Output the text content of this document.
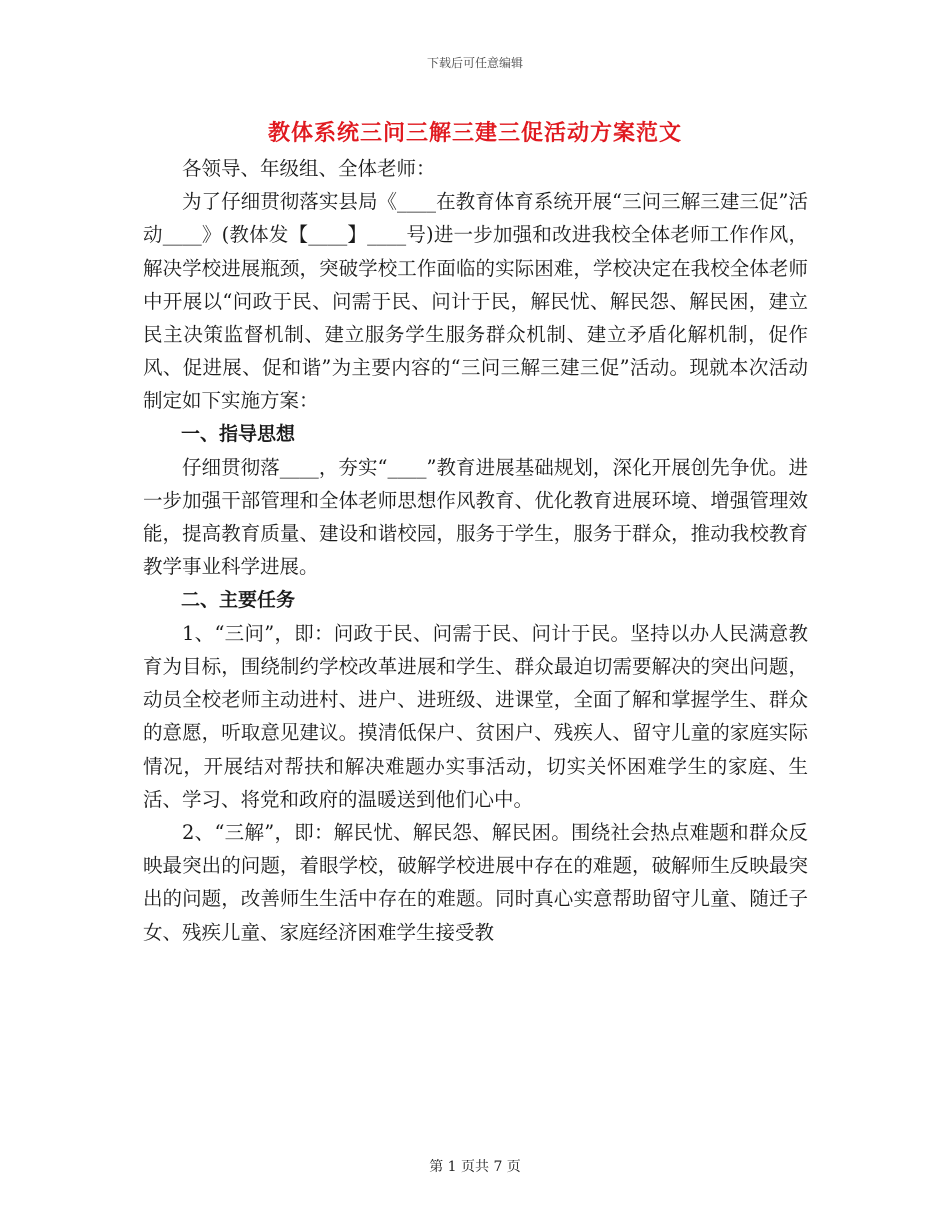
下载后可任意编辑
教体系统三问三解三建三促活动方案范文

各领导、年级组、全体老师：

为了仔细贯彻落实县局《____在教育体育系统开展“三问三解三建三促”活动____》(教体发【____】____号)进一步加强和改进我校全体老师工作作风，解决学校进展瓶颈，突破学校工作面临的实际困难，学校决定在我校全体老师中开展以“问政于民、问需于民、问计于民，解民忧、解民怨、解民困，建立民主决策监督机制、建立服务学生服务群众机制、建立矛盾化解机制，促作风、促进展、促和谐”为主要内容的“三问三解三建三促”活动。现就本次活动制定如下实施方案：

一、指导思想

仔细贯彻落____，夯实“____”教育进展基础规划，深化开展创先争优。进一步加强干部管理和全体老师思想作风教育、优化教育进展环境、增强管理效能，提高教育质量、建设和谐校园，服务于学生，服务于群众，推动我校教育教学事业科学进展。

二、主要任务

1、“三问”，即：问政于民、问需于民、问计于民。坚持以办人民满意教育为目标，围绕制约学校改革进展和学生、群众最迫切需要解决的突出问题，动员全校老师主动进村、进户、进班级、进课堂，全面了解和掌握学生、群众的意愿，听取意见建议。摸清低保户、贫困户、残疾人、留守儿童的家庭实际情况，开展结对帮扶和解决难题办实事活动，切实关怀困难学生的家庭、生活、学习、将党和政府的温暖送到他们心中。

2、“三解”，即：解民忧、解民怨、解民困。围绕社会热点难题和群众反映最突出的问题，着眼学校，破解学校进展中存在的难题，破解师生反映最突出的问题，改善师生生活中存在的难题。同时真心实意帮助留守儿童、随迁子女、残疾儿童、家庭经济困难学生接受教

第 1 页共 7 页
